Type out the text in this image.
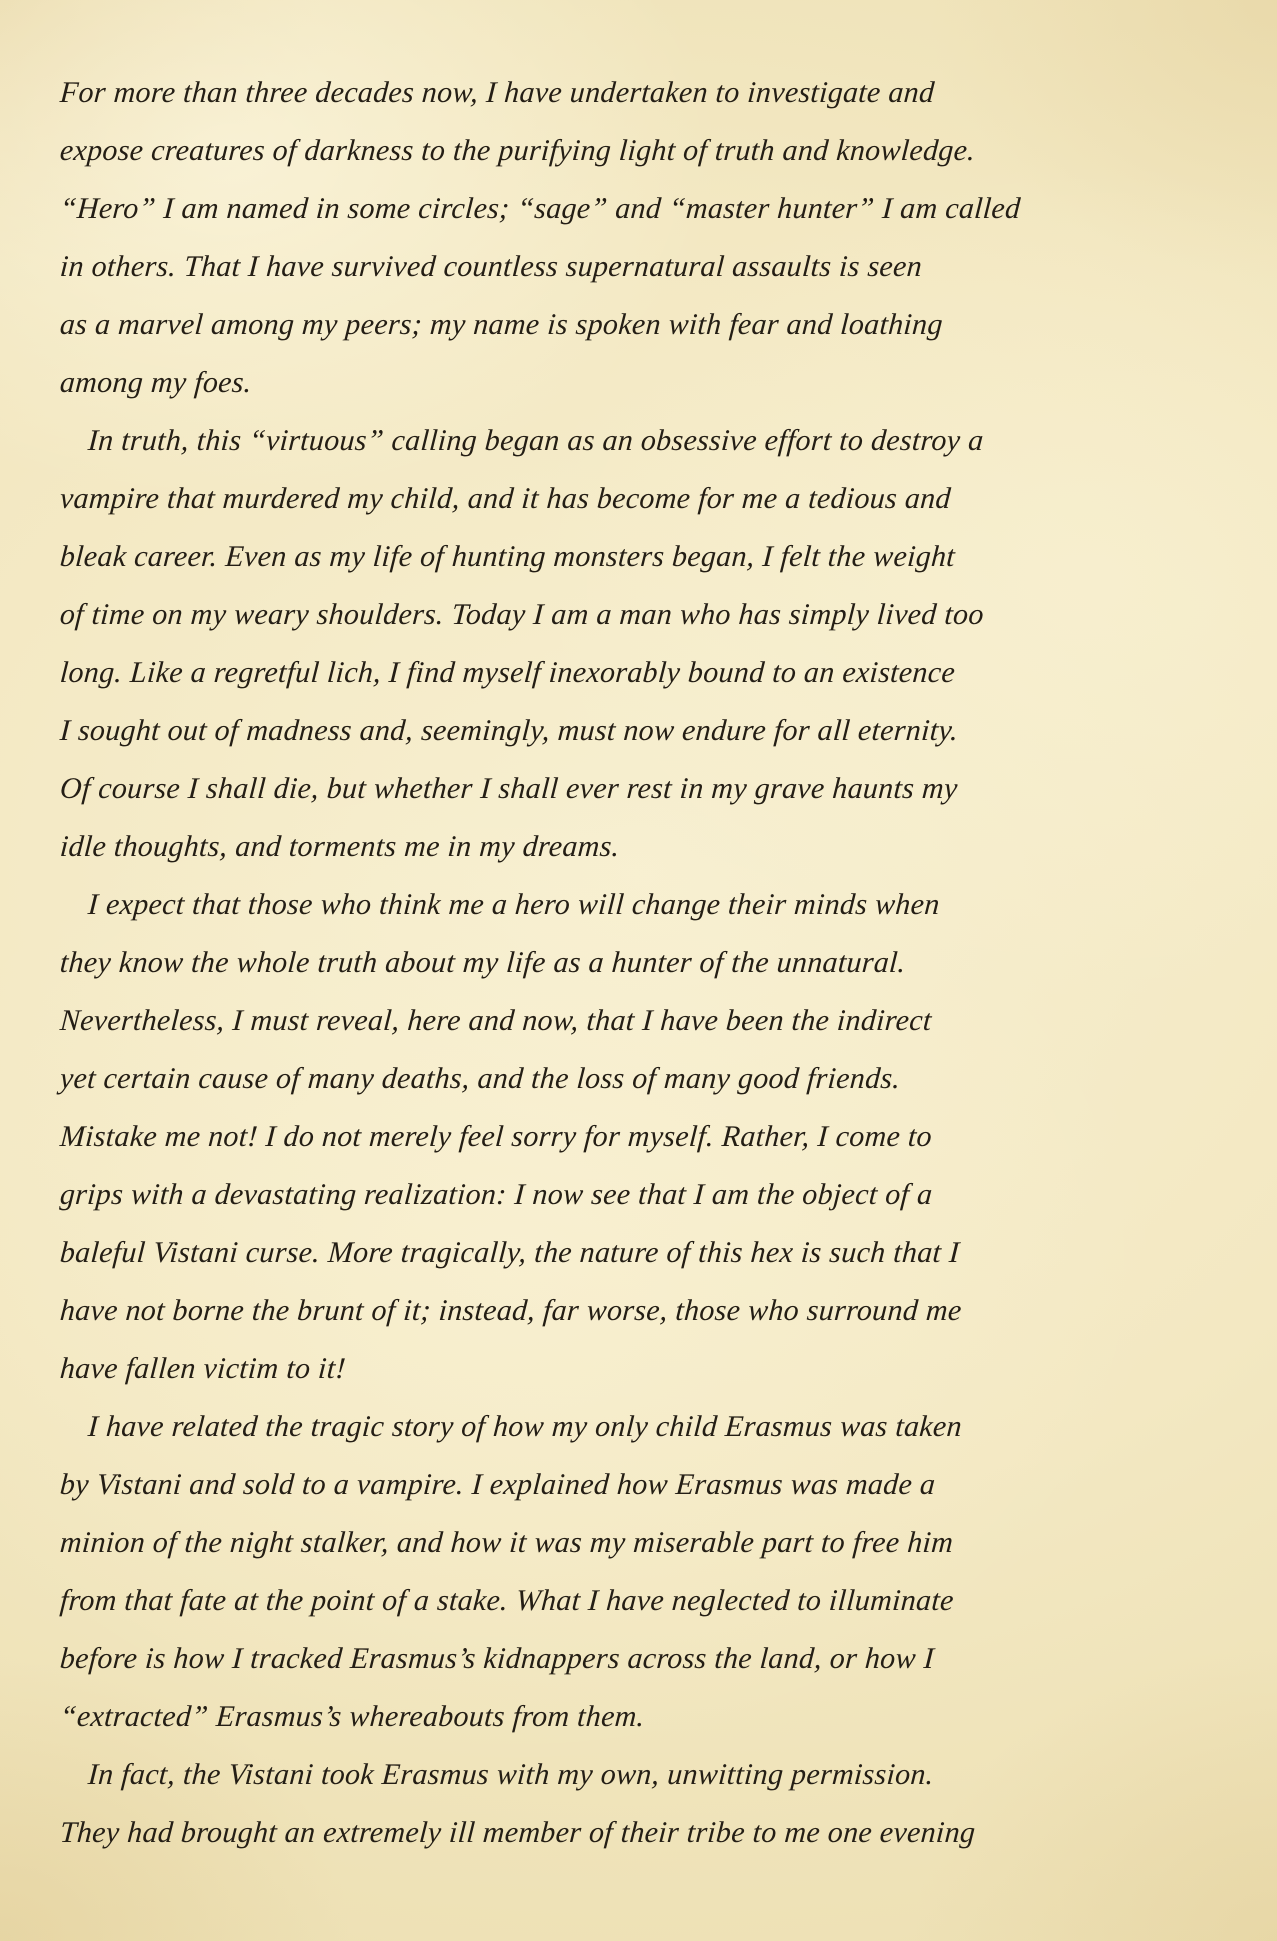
For more than three decades now, I have undertaken to investigate and
expose creatures of darkness to the purifying light of truth and knowledge.
“Hero” I am named in some circles; “sage” and “master hunter” I am called
in others. That I have survived countless supernatural assaults is seen
as a marvel among my peers; my name is spoken with fear and loathing
among my foes.
In truth, this “virtuous” calling began as an obsessive effort to destroy a
vampire that murdered my child, and it has become for me a tedious and
bleak career. Even as my life of hunting monsters began, I felt the weight
of time on my weary shoulders. Today I am a man who has simply lived too
long. Like a regretful lich, I find myself inexorably bound to an existence
I sought out of madness and, seemingly, must now endure for all eternity.
Of course I shall die, but whether I shall ever rest in my grave haunts my
idle thoughts, and torments me in my dreams.
I expect that those who think me a hero will change their minds when
they know the whole truth about my life as a hunter of the unnatural.
Nevertheless, I must reveal, here and now, that I have been the indirect
yet certain cause of many deaths, and the loss of many good friends.
Mistake me not! I do not merely feel sorry for myself. Rather, I come to
grips with a devastating realization: I now see that I am the object of a
baleful Vistani curse. More tragically, the nature of this hex is such that I
have not borne the brunt of it; instead, far worse, those who surround me
have fallen victim to it!
I have related the tragic story of how my only child Erasmus was taken
by Vistani and sold to a vampire. I explained how Erasmus was made a
minion of the night stalker, and how it was my miserable part to free him
from that fate at the point of a stake. What I have neglected to illuminate
before is how I tracked Erasmus’s kidnappers across the land, or how I
“extracted” Erasmus’s whereabouts from them.
In fact, the Vistani took Erasmus with my own, unwitting permission.
They had brought an extremely ill member of their tribe to me one evening
